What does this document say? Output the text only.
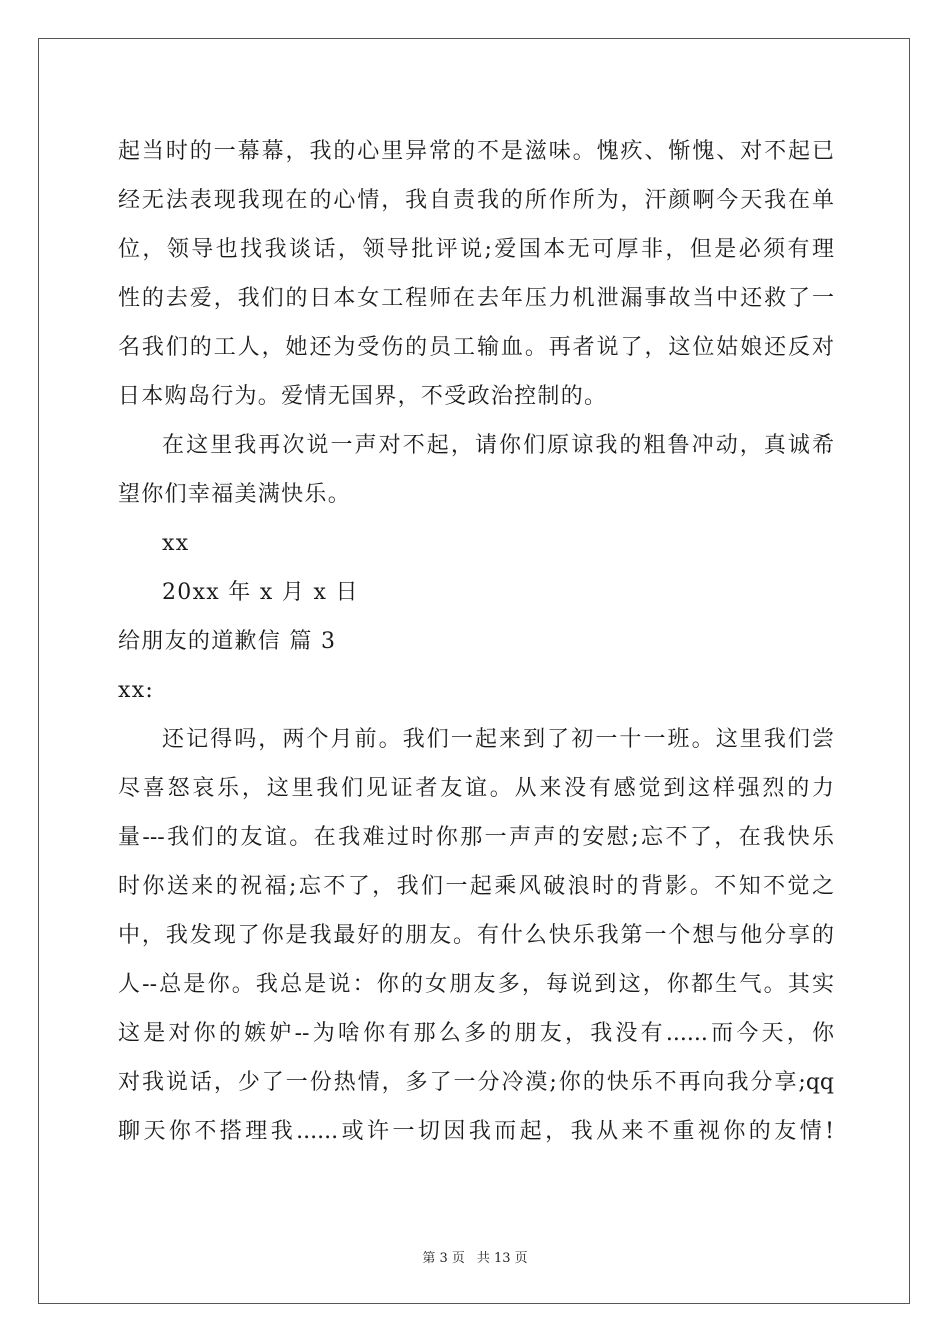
起当时的一幕幕，我的心里异常的不是滋味。愧疚、惭愧、对不起已
经无法表现我现在的心情，我自责我的所作所为，汗颜啊今天我在单
位，领导也找我谈话，领导批评说;爱国本无可厚非，但是必须有理
性的去爱，我们的日本女工程师在去年压力机泄漏事故当中还救了一
名我们的工人，她还为受伤的员工输血。再者说了，这位姑娘还反对
日本购岛行为。爱情无国界，不受政治控制的。
在这里我再次说一声对不起，请你们原谅我的粗鲁冲动，真诚希
望你们幸福美满快乐。
xx
20xx 年 x 月 x 日
给朋友的道歉信 篇 3
xx:
还记得吗，两个月前。我们一起来到了初一十一班。这里我们尝
尽喜怒哀乐，这里我们见证者友谊。从来没有感觉到这样强烈的力
量---我们的友谊。在我难过时你那一声声的安慰;忘不了，在我快乐
时你送来的祝福;忘不了，我们一起乘风破浪时的背影。不知不觉之
中，我发现了你是我最好的朋友。有什么快乐我第一个想与他分享的
人--总是你。我总是说：你的女朋友多，每说到这，你都生气。其实
这是对你的嫉妒--为啥你有那么多的朋友，我没有......而今天，你
对我说话，少了一份热情，多了一分冷漠;你的快乐不再向我分享;qq
聊天你不搭理我......或许一切因我而起，我从来不重视你的友情!
第 3 页 共 13 页
